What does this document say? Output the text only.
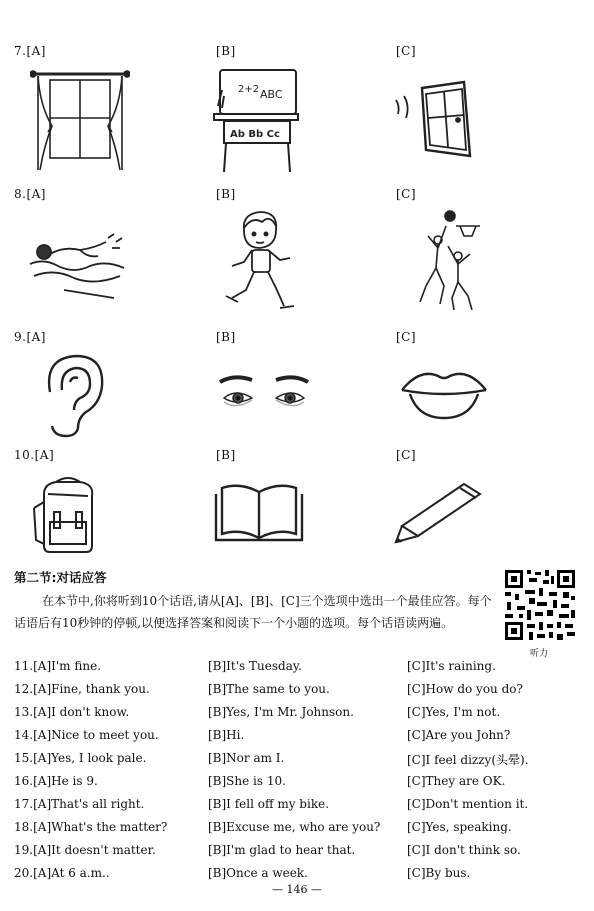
7.[A]	[B]	[C]
2+2 ABC
Ab Bb Cc
8.[A]	[B]	[C]
9.[A]	[B]	[C]
10.[A]	[B]	[C]
第二节:对话应答
在本节中,你将听到10个话语,请从[A]、[B]、[C]三个选项中选出一个最佳应答。每个话语后有10秒钟的停顿,以便选择答案和阅读下一个小题的选项。每个话语读两遍。
听力
11.[A]I'm fine.	[B]It's Tuesday.	[C]It's raining.
12.[A]Fine, thank you.	[B]The same to you.	[C]How do you do?
13.[A]I don't know.	[B]Yes, I'm Mr. Johnson.	[C]Yes, I'm not.
14.[A]Nice to meet you.	[B]Hi.	[C]Are you John?
15.[A]Yes, I look pale.	[B]Nor am I.	[C]I feel dizzy(头晕).
16.[A]He is 9.	[B]She is 10.	[C]They are OK.
17.[A]That's all right.	[B]I fell off my bike.	[C]Don't mention it.
18.[A]What's the matter?	[B]Excuse me, who are you? [C]Yes, speaking.
19.[A]It doesn't matter.	[B]I'm glad to hear that.	[C]I don't think so.
20.[A]At 6 a.m..	[B]Once a week.	[C]By bus.
— 146 —
